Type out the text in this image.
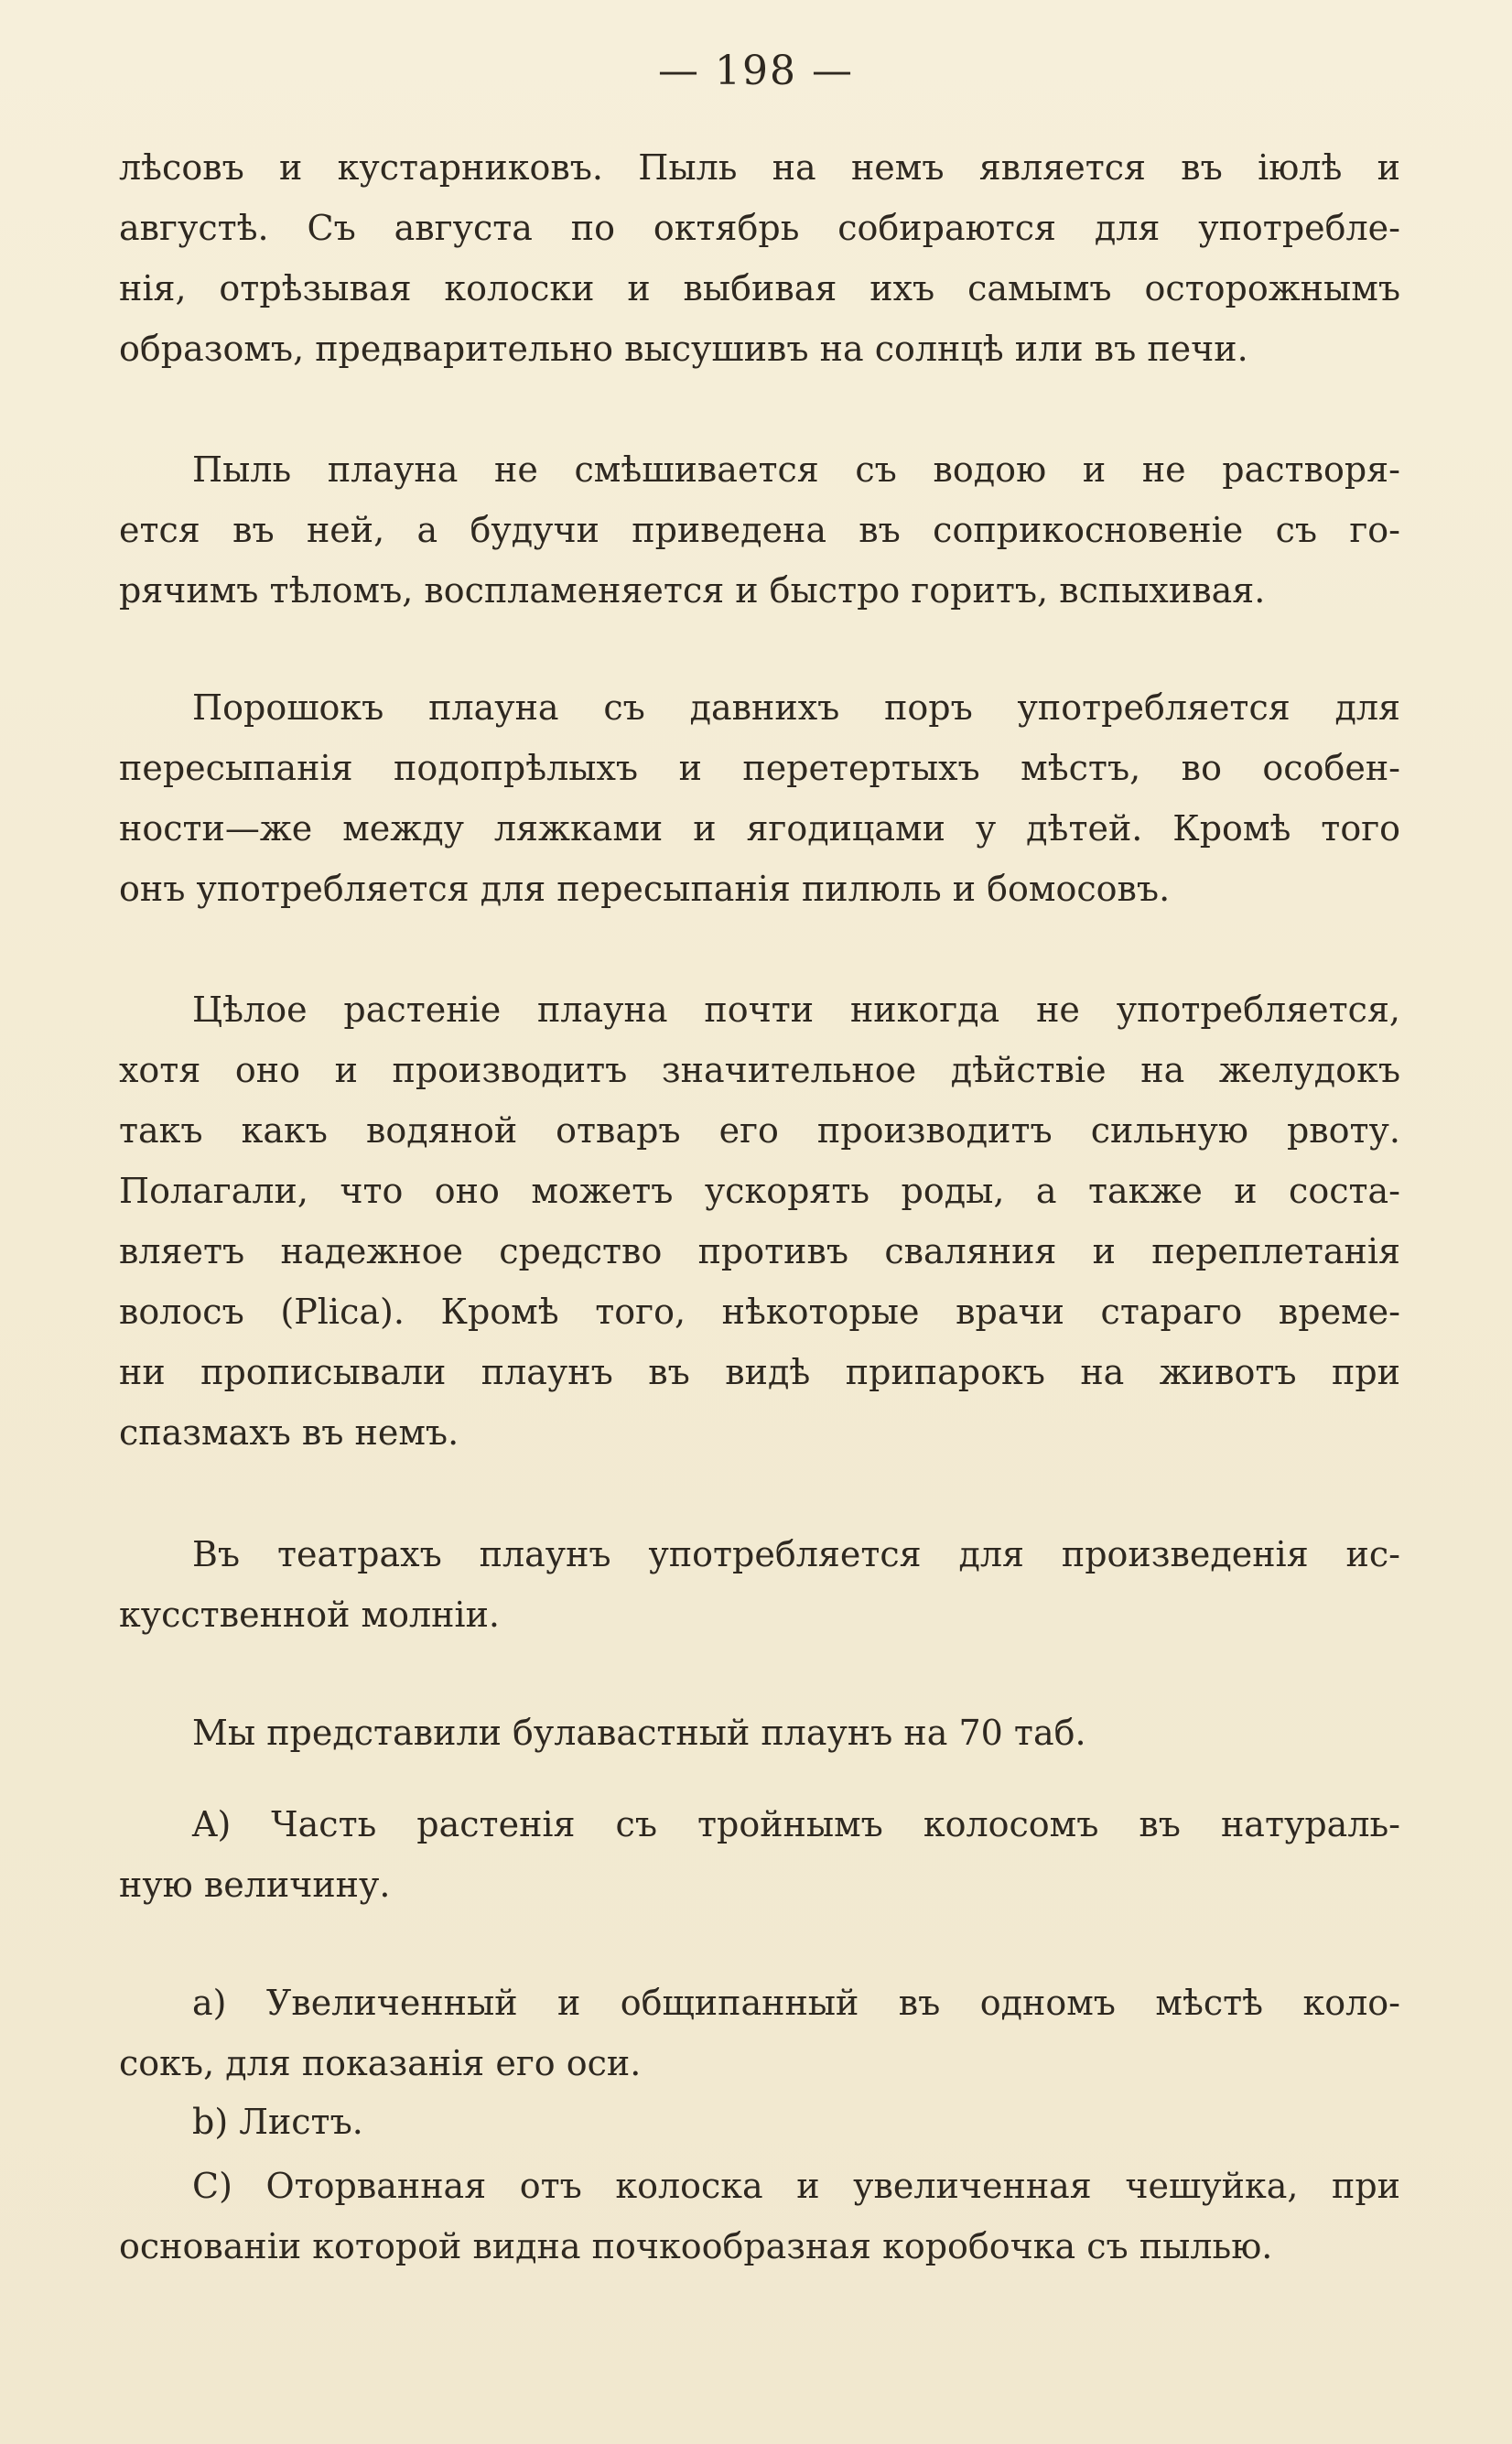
— 198 —
лѣсовъ и кустарниковъ. Пыль на немъ является въ iюлѣ и
августѣ. Съ августа по октябрь собираются для употребле-
нiя, отрѣзывая колоски и выбивая ихъ самымъ осторожнымъ
образомъ, предварительно высушивъ на солнцѣ или въ печи.
Пыль плауна не смѣшивается съ водою и не растворя-
ется въ ней, а будучи приведена въ соприкосновенiе съ го-
рячимъ тѣломъ, воспламеняется и быстро горитъ, вспыхивая.
Порошокъ плауна съ давнихъ поръ употребляется для
пересыпанiя подопрѣлыхъ и перетертыхъ мѣстъ, во особен-
ности—же между ляжками и ягодицами у дѣтей. Кромѣ того
онъ употребляется для пересыпанiя пилюль и бомосовъ.
Цѣлое растенiе плауна почти никогда не употребляется,
хотя оно и производитъ значительное дѣйствiе на желудокъ
такъ какъ водяной отваръ его производитъ сильную рвоту.
Полагали, что оно можетъ ускорять роды, а также и соста-
вляетъ надежное средство противъ сваляния и переплетанiя
волосъ (Plica). Кромѣ того, нѣкоторые врачи стараго време-
ни прописывали плаунъ въ видѣ припарокъ на животъ при
спазмахъ въ немъ.
Въ театрахъ плаунъ употребляется для произведенiя ис-
кусственной молнiи.
Мы представили булавастный плаунъ на 70 таб.
A) Часть растенiя съ тройнымъ колосомъ въ натураль-
ную величину.
a) Увеличенный и общипанный въ одномъ мѣстѣ коло-
сокъ, для показанiя его оси.
b) Листъ.
C) Оторванная отъ колоска и увеличенная чешуйка, при
основанiи которой видна почкообразная коробочка съ пылью.
